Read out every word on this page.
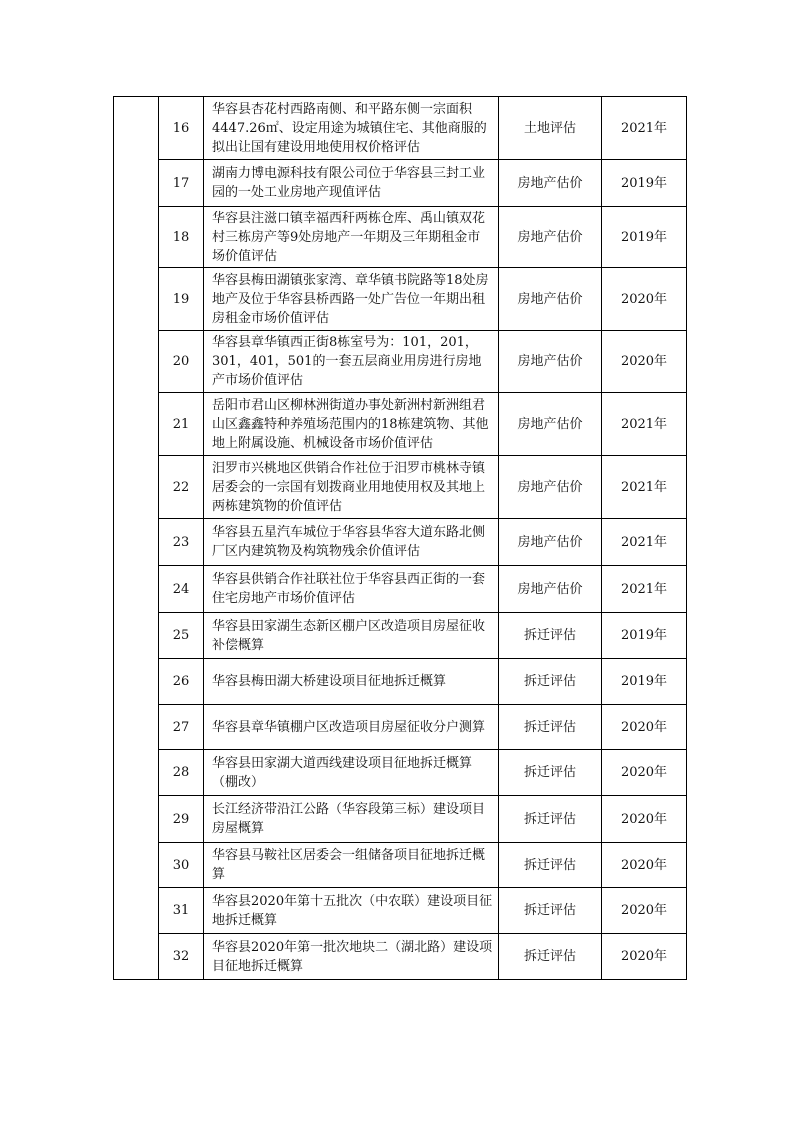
	16	华容县杏花村西路南侧、和平路东侧一宗面积4447.26㎡、设定用途为城镇住宅、其他商服的拟出让国有建设用地使用权价格评估	土地评估	2021年
	17	湖南力博电源科技有限公司位于华容县三封工业园的一处工业房地产现值评估	房地产估价	2019年
	18	华容县注滋口镇幸福西秆两栋仓库、禹山镇双花村三栋房产等9处房地产一年期及三年期租金市场价值评估	房地产估价	2019年
	19	华容县梅田湖镇张家湾、章华镇书院路等18处房地产及位于华容县桥西路一处广告位一年期出租房租金市场价值评估	房地产估价	2020年
	20	华容县章华镇西正街8栋室号为：101，201，301，401，501的一套五层商业用房进行房地产市场价值评估	房地产估价	2020年
	21	岳阳市君山区柳林洲街道办事处新洲村新洲组君山区鑫鑫特种养殖场范围内的18栋建筑物、其他地上附属设施、机械设备市场价值评估	房地产估价	2021年
	22	汨罗市兴桃地区供销合作社位于汨罗市桃林寺镇居委会的一宗国有划拨商业用地使用权及其地上两栋建筑物的价值评估	房地产估价	2021年
	23	华容县五星汽车城位于华容县华容大道东路北侧厂区内建筑物及构筑物残余价值评估	房地产估价	2021年
	24	华容县供销合作社联社位于华容县西正街的一套住宅房地产市场价值评估	房地产估价	2021年
	25	华容县田家湖生态新区棚户区改造项目房屋征收补偿概算	拆迁评估	2019年
	26	华容县梅田湖大桥建设项目征地拆迁概算	拆迁评估	2019年
	27	华容县章华镇棚户区改造项目房屋征收分户测算	拆迁评估	2020年
	28	华容县田家湖大道西线建设项目征地拆迁概算（棚改）	拆迁评估	2020年
	29	长江经济带沿江公路（华容段第三标）建设项目房屋概算	拆迁评估	2020年
	30	华容县马鞍社区居委会一组储备项目征地拆迁概算	拆迁评估	2020年
	31	华容县2020年第十五批次（中农联）建设项目征地拆迁概算	拆迁评估	2020年
	32	华容县2020年第一批次地块二（湖北路）建设项目征地拆迁概算	拆迁评估	2020年
